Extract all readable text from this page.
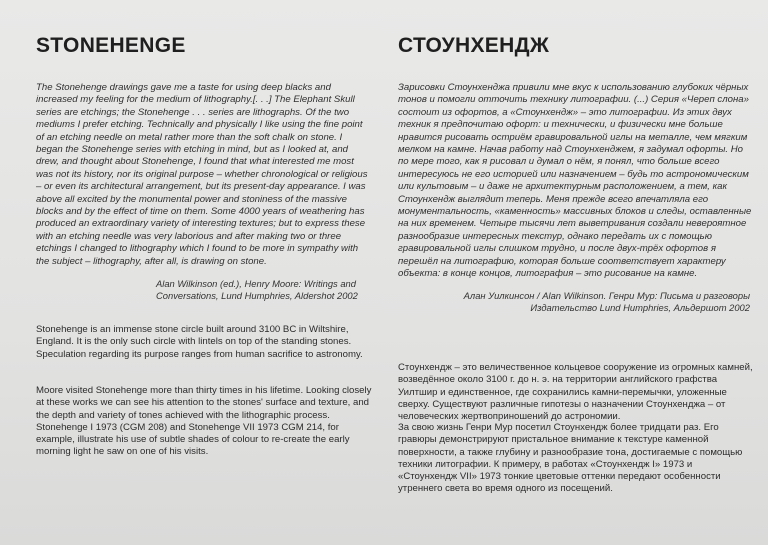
STONEHENGE

The Stonehenge drawings gave me a taste for using deep blacks and increased my feeling for the medium of lithography.[. . .] The Elephant Skull series are etchings; the Stonehenge . . . series are lithographs. Of the two mediums I prefer etching. Technically and physically I like using the fine point of an etching needle on metal rather more than the soft chalk on stone. I began the Stonehenge series with etching in mind, but as I looked at, and drew, and thought about Stonehenge, I found that what interested me most was not its history, nor its original purpose – whether chronological or religious – or even its architectural arrangement, but its present-day appearance. I was above all excited by the monumental power and stoniness of the massive blocks and by the effect of time on them. Some 4000 years of weathering has produced an extraordinary variety of interesting textures; but to express these with an etching needle was very laborious and after making two or three etchings I changed to lithography which I found to be more in sympathy with the subject – lithography, after all, is drawing on stone.

Alan Wilkinson (ed.), Henry Moore: Writings and
Conversations, Lund Humphries, Aldershot 2002

Stonehenge is an immense stone circle built around 3100 BC in Wiltshire, England. It is the only such circle with lintels on top of the standing stones. Speculation regarding its purpose ranges from human sacrifice to astronomy.

Moore visited Stonehenge more than thirty times in his lifetime. Looking closely at these works we can see his attention to the stones' surface and texture, and the depth and variety of tones achieved with the lithographic process. Stonehenge I 1973 (CGM 208) and Stonehenge VII 1973 CGM 214, for example, illustrate his use of subtle shades of colour to re-create the early morning light he saw on one of his visits.

СТОУНХЕНДЖ

Зарисовки Стоунхенджа привили мне вкус к использованию глубоких чёрных тонов и помогли отточить технику литографии. (...) Серия «Череп слона» состоит из офортов, а «Стоунхендж» – это литографии. Из этих двух техник я предпочитаю офорт: и технически, и физически мне больше нравится рисовать остриём гравировальной иглы на металле, чем мягким мелком на камне. Начав работу над Стоунхенджем, я задумал офорты. Но по мере того, как я рисовал и думал о нём, я понял, что больше всего интересуюсь не его историей или назначением – будь то астрономическим или культовым – и даже не архитектурным расположением, а тем, как Стоунхендж выглядит теперь. Меня прежде всего впечатляла его монументальность, «каменность» массивных блоков и следы, оставленные на них временем. Четыре тысячи лет выветривания создали невероятное разнообразие интересных текстур, однако передать их с помощью гравировальной иглы слишком трудно, и после двух-трёх офортов я перешёл на литографию, которая больше соответствует характеру объекта: в конце концов, литография – это рисование на камне.

Алан Уилкинсон / Alan Wilkinson. Генри Мур: Письма и разговоры
Издательство Lund Humphries, Альдершот 2002

Стоунхендж – это величественное кольцевое сооружение из огромных камней, возведённое около 3100 г. до н. э. на территории английского графства Уилтшир и единственное, где сохранились камни-перемычки, уложенные сверху. Существуют различные гипотезы о назначении Стоунхенджа – от человеческих жертвоприношений до астрономии.

За свою жизнь Генри Мур посетил Стоунхендж более тридцати раз. Его гравюры демонстрируют пристальное внимание к текстуре каменной поверхности, а также глубину и разнообразие тона, достигаемые с помощью техники литографии. К примеру, в работах «Стоунхендж I» 1973 и «Стоунхендж VII» 1973 тонкие цветовые оттенки передают особенности утреннего света во время одного из посещений.
